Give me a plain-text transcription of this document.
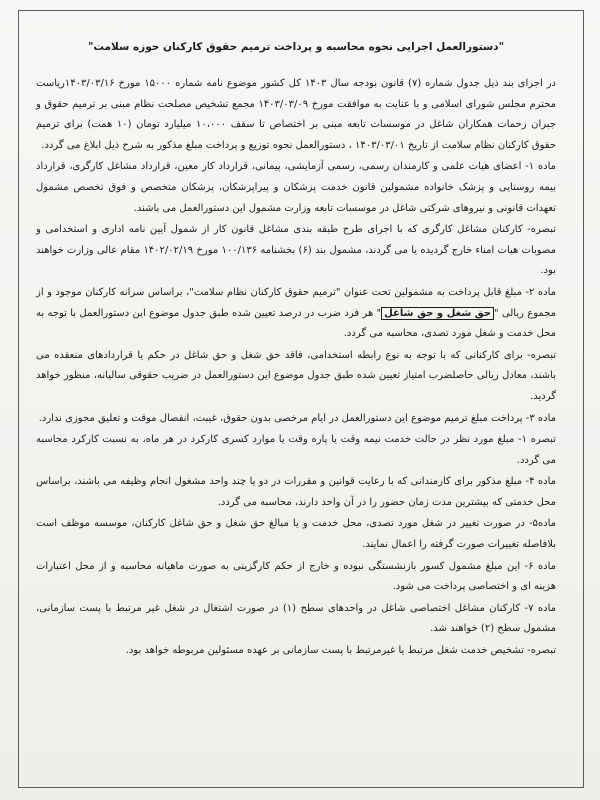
"دستورالعمل اجرایی نحوه محاسبه و پرداخت ترمیم حقوق کارکنان حوزه سلامت"

در اجرای بند ذیل جدول شماره (۷) قانون بودجه سال ۱۴۰۳ کل کشور موضوع نامه شماره ۱۵۰۰۰ مورخ ۱۴۰۳/۰۳/۱۶ریاست محترم مجلس شورای اسلامی و با عنایت به موافقت مورخ ۱۴۰۳/۰۳/۰۹ مجمع تشخیص مصلحت نظام مبنی بر ترمیم حقوق و جبران زحمات همکاران شاغل در موسسات تابعه مبنی بر اختصاص تا سقف ۱۰،۰۰۰ میلیارد تومان (۱۰ همت) برای ترمیم حقوق کارکنان نظام سلامت از تاریخ ۱۴۰۳/۰۳/۰۱ ، دستورالعمل نحوه توزیع و پرداخت مبلغ مذکور به شرح ذیل ابلاغ می گردد.

ماده ۱- اعضای هیات علمی و کارمندان رسمی، رسمی آزمایشی، پیمانی، قرارداد کار معین، قرارداد مشاغل کارگری، قرارداد بیمه روستایی و پزشک خانواده مشمولین قانون خدمت پزشکان و پیراپزشکان، پزشکان متخصص و فوق تخصص مشمول تعهدات قانونی و نیروهای شرکتی شاغل در موسسات تابعه وزارت مشمول این دستورالعمل می باشند.

تبصره- کارکنان مشاغل کارگری که با اجرای طرح طبقه بندی مشاغل قانون کار از شمول آیین نامه اداری و استخدامی و مصوبات هیات امناء خارج گردیده یا می گردند، مشمول بند (۶) بخشنامه ۱۰۰/۱۳۶ مورخ ۱۴۰۲/۰۲/۱۹ مقام عالی وزارت خواهند بود.

ماده ۲- مبلغ قابل پرداخت به مشمولین تحت عنوان "ترمیم حقوق کارکنان نظام سلامت"، براساس سرانه کارکنان موجود و از مجموع ریالی "حق شغل و حق شاغل" هر فرد ضرب در درصد تعیین شده طبق جدول موضوع این دستورالعمل با توجه به محل خدمت و شغل مورد تصدی، محاسبه می گردد.

تبصره- برای کارکنانی که با توجه به نوع رابطه استخدامی، فاقد حق شغل و حق شاغل در حکم یا قراردادهای منعقده می باشند، معادل ریالی حاصلضرب امتیاز تعیین شده طبق جدول موضوع این دستورالعمل در ضریب حقوقی سالیانه، منظور خواهد گردید.

ماده ۳- پرداخت مبلغ ترمیم موضوع این دستورالعمل در ایام مرخصی بدون حقوق، غیبت، انفصال موقت و تعلیق مجوزی ندارد.

تبصره ۱- مبلغ مورد نظر در حالت خدمت نیمه وقت یا پاره وقت یا موارد کسری کارکرد در هر ماه، به نسبت کارکرد محاسبه می گردد.

ماده ۴- مبلغ مذکور برای کارمندانی که با رعایت قوانین و مقررات در دو یا چند واحد مشغول انجام وظیفه می باشند، براساس محل خدمتی که بیشترین مدت زمان حضور را در آن واحد دارند، محاسبه می گردد.

ماده۵- در صورت تغییر در شغل مورد تصدی، محل خدمت و یا مبالغ حق شغل و حق شاغل کارکنان، موسسه موظف است بلافاصله تغییرات صورت گرفته را اعمال نمایند.

ماده ۶- این مبلغ مشمول کسور بازنشستگی نبوده و خارج از حکم کارگزینی به صورت ماهیانه محاسبه و از محل اعتبارات هزینه ای و اختصاصی پرداخت می شود.

ماده ۷- کارکنان مشاغل اختصاصی شاغل در واحدهای سطح (۱) در صورت اشتغال در شغل غیر مرتبط با پست سازمانی، مشمول سطح (۲) خواهند شد.

تبصره- تشخیص خدمت شغل مرتبط یا غیرمرتبط با پست سازمانی بر عهده مسئولین مربوطه خواهد بود.
